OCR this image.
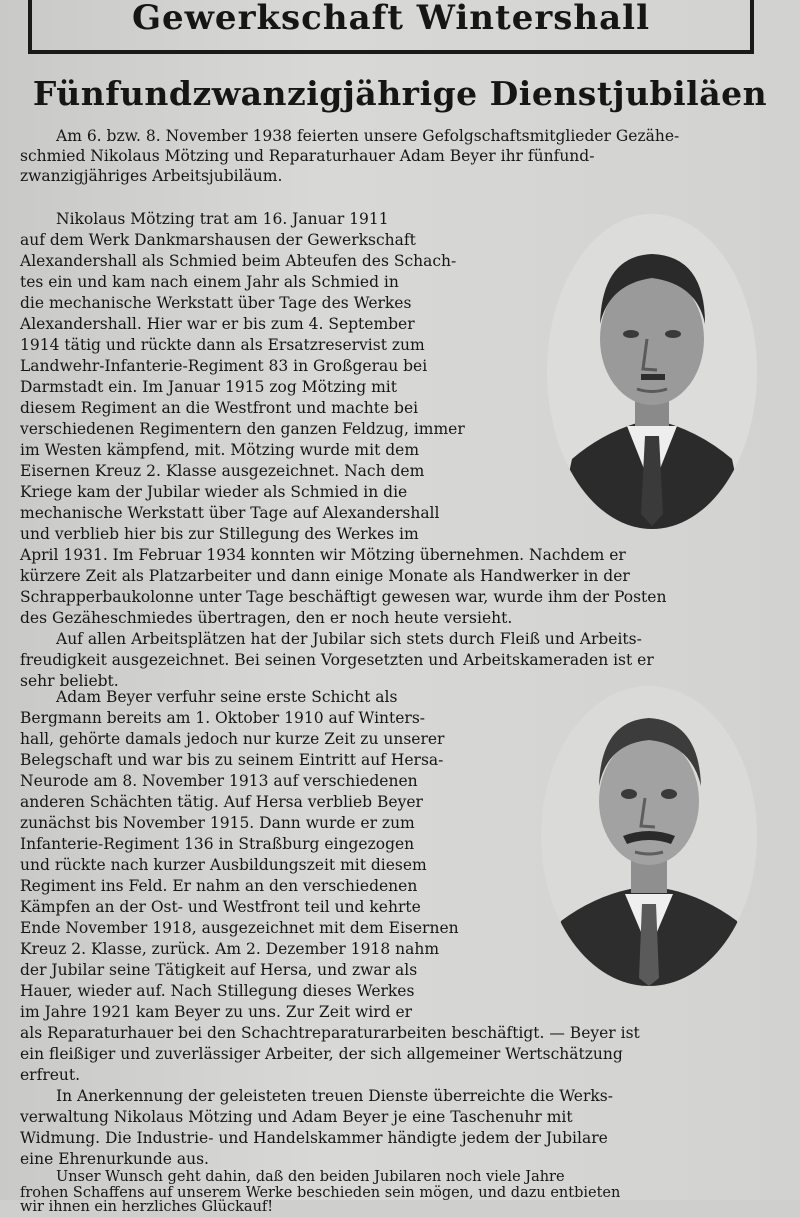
Gewerkschaft Wintershall
Fünfundzwanzigjährige Dienstjubiläen
Am 6. bzw. 8. November 1938 feierten unsere Gefolgschaftsmitglieder Gezähe-
schmied Nikolaus Mötzing und Reparaturhauer Adam Beyer ihr fünfund-
zwanzigjähriges Arbeitsjubiläum.
Nikolaus Mötzing trat am 16. Januar 1911
auf dem Werk Dankmarshausen der Gewerkschaft
Alexandershall als Schmied beim Abteufen des Schach-
tes ein und kam nach einem Jahr als Schmied in
die mechanische Werkstatt über Tage des Werkes
Alexandershall. Hier war er bis zum 4. September
1914 tätig und rückte dann als Ersatzreservist zum
Landwehr-Infanterie-Regiment 83 in Großgerau bei
Darmstadt ein. Im Januar 1915 zog Mötzing mit
diesem Regiment an die Westfront und machte bei
verschiedenen Regimentern den ganzen Feldzug, immer
im Westen kämpfend, mit. Mötzing wurde mit dem
Eisernen Kreuz 2. Klasse ausgezeichnet. Nach dem
Kriege kam der Jubilar wieder als Schmied in die
mechanische Werkstatt über Tage auf Alexandershall
und verblieb hier bis zur Stillegung des Werkes im
April 1931. Im Februar 1934 konnten wir Mötzing übernehmen. Nachdem er
kürzere Zeit als Platzarbeiter und dann einige Monate als Handwerker in der
Schrapperbaukolonne unter Tage beschäftigt gewesen war, wurde ihm der Posten
des Gezäheschmiedes übertragen, den er noch heute versieht.
Auf allen Arbeitsplätzen hat der Jubilar sich stets durch Fleiß und Arbeits-
freudigkeit ausgezeichnet. Bei seinen Vorgesetzten und Arbeitskameraden ist er
sehr beliebt.
Adam Beyer verfuhr seine erste Schicht als
Bergmann bereits am 1. Oktober 1910 auf Winters-
hall, gehörte damals jedoch nur kurze Zeit zu unserer
Belegschaft und war bis zu seinem Eintritt auf Hersa-
Neurode am 8. November 1913 auf verschiedenen
anderen Schächten tätig. Auf Hersa verblieb Beyer
zunächst bis November 1915. Dann wurde er zum
Infanterie-Regiment 136 in Straßburg eingezogen
und rückte nach kurzer Ausbildungszeit mit diesem
Regiment ins Feld. Er nahm an den verschiedenen
Kämpfen an der Ost- und Westfront teil und kehrte
Ende November 1918, ausgezeichnet mit dem Eisernen
Kreuz 2. Klasse, zurück. Am 2. Dezember 1918 nahm
der Jubilar seine Tätigkeit auf Hersa, und zwar als
Hauer, wieder auf. Nach Stillegung dieses Werkes
im Jahre 1921 kam Beyer zu uns. Zur Zeit wird er
als Reparaturhauer bei den Schachtreparaturarbeiten beschäftigt. — Beyer ist
ein fleißiger und zuverlässiger Arbeiter, der sich allgemeiner Wertschätzung
erfreut.
In Anerkennung der geleisteten treuen Dienste überreichte die Werks-
verwaltung Nikolaus Mötzing und Adam Beyer je eine Taschenuhr mit
Widmung. Die Industrie- und Handelskammer händigte jedem der Jubilare
eine Ehrenurkunde aus.
Unser Wunsch geht dahin, daß den beiden Jubilaren noch viele Jahre
frohen Schaffens auf unserem Werke beschieden sein mögen, und dazu entbieten
wir ihnen ein herzliches Glückauf!
